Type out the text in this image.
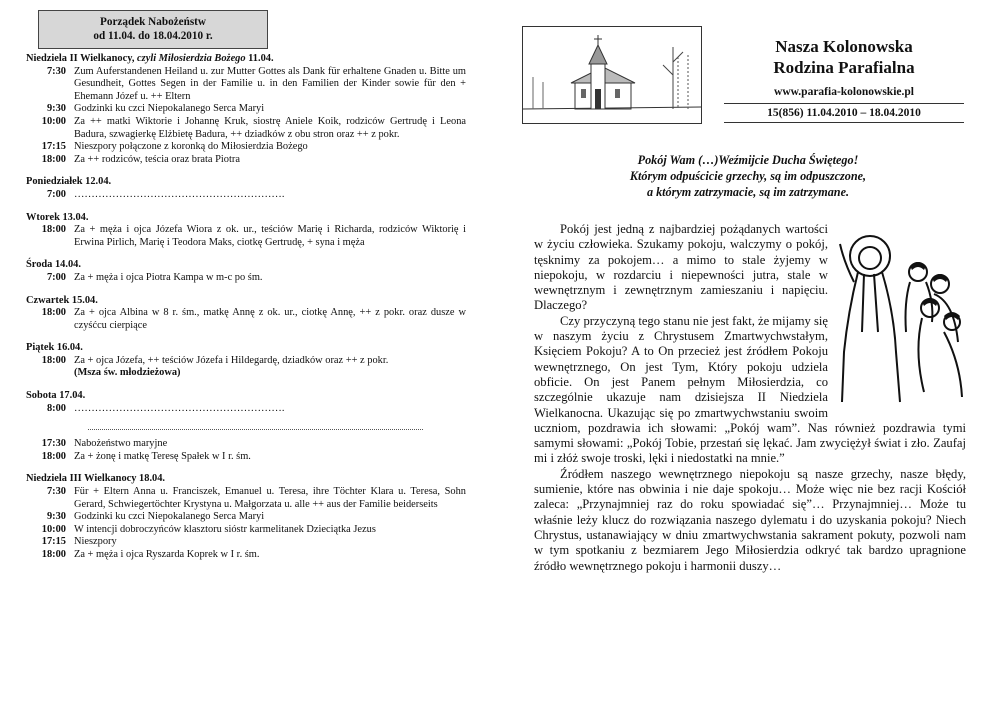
Porządek Nabożeństw
od 11.04. do 18.04.2010 r.
Niedziela II Wielkanocy, czyli Miłosierdzia Bożego 11.04.
7:30 Zum Auferstandenen Heiland u. zur Mutter Gottes als Dank für erhaltene Gnaden u. Bitte um Gesundheit, Gottes Segen in der Familie u. in den Familien der Kinder sowie für den + Ehemann Józef u. ++ Eltern
9:30 Godzinki ku czci Niepokalanego Serca Maryi
10:00 Za ++ matki Wiktorie i Johannę Kruk, siostrę Aniele Koik, rodziców Gertrudę i Leona Badura, szwagierkę Elżbietę Badura, ++ dziadków z obu stron oraz ++ z pokr.
17:15 Nieszpory połączone z koronką do Miłosierdzia Bożego
18:00 Za ++ rodziców, teścia oraz brata Piotra
Poniedziałek 12.04.
7:00 …………………………………………………….
Wtorek 13.04.
18:00 Za + męża i ojca Józefa Wiora z ok. ur., teściów Marię i Richarda, rodziców Wiktorię i Erwina Pirlich, Marię i Teodora Maks, ciotkę Gertrudę, + syna i męża
Środa 14.04.
7:00 Za + męża i ojca Piotra Kampa w m-c po śm.
Czwartek 15.04.
18:00 Za + ojca Albina w 8 r. śm., matkę Annę z ok. ur., ciotkę Annę, ++ z pokr. oraz dusze w czyśćcu cierpiące
Piątek 16.04.
18:00 Za + ojca Józefa, ++ teściów Józefa i Hildegardę, dziadków oraz ++ z pokr.
(Msza św. młodzieżowa)
Sobota 17.04.
8:00 …………………………………………………….
17:30 Nabożeństwo maryjne
18:00 Za + żonę i matkę Teresę Spałek w I r. śm.
Niedziela III Wielkanocy 18.04.
7:30 Für + Eltern Anna u. Franciszek, Emanuel u. Teresa, ihre Töchter Klara u. Teresa, Sohn Gerard, Schwiegertöchter Krystyna u. Małgorzata u. alle ++ aus der Familie beiderseits
9:30 Godzinki ku czci Niepokalanego Serca Maryi
10:00 W intencji dobroczyńców klasztoru sióstr karmelitanek Dzieciątka Jezus
17:15 Nieszpory
18:00 Za + męża i ojca Ryszarda Koprek w I r. śm.
Nasza Kolonowska
Rodzina Parafialna
www.parafia-kolonowskie.pl
15(856) 11.04.2010 – 18.04.2010
Pokój Wam (…)Weźmijcie Ducha Świętego!
Którym odpuścicie grzechy, są im odpuszczone,
a którym zatrzymacie, są im zatrzymane.

Pokój jest jedną z najbardziej pożądanych wartości w życiu człowieka. Szukamy pokoju, walczymy o pokój, tęsknimy za pokojem… a mimo to stale żyjemy w niepokoju, w rozdarciu i niepewności jutra, stale w wewnętrznym i zewnętrznym zamieszaniu i napięciu. Dlaczego?

Czy przyczyną tego stanu nie jest fakt, że mijamy się w naszym życiu z Chrystusem Zmartwychwstałym, Księciem Pokoju? A to On przecież jest źródłem Pokoju wewnętrznego, On jest Tym, Który pokoju udziela obficie. On jest Panem pełnym Miłosierdzia, co szczególnie ukazuje nam dzisiejsza II Niedziela Wielkanocna. Ukazując się po zmartwychwstaniu swoim uczniom, pozdrawia ich słowami: „Pokój wam”. Nas również pozdrawia tymi samymi słowami: „Pokój Tobie, przestań się lękać. Jam zwyciężył świat i zło. Zaufaj mi i złóż swoje troski, lęki i niedostatki na mnie.”

Źródłem naszego wewnętrznego niepokoju są nasze grzechy, nasze błędy, sumienie, które nas obwinia i nie daje spokoju… Może więc nie bez racji Kościół zaleca: „Przynajmniej raz do roku spowiadać się”… Przynajmniej… Może tu właśnie leży klucz do rozwiązania naszego dylematu i do uzyskania pokoju? Niech Chrystus, ustanawiający w dniu zmartwychwstania sakrament pokuty, pozwoli nam w tym spotkaniu z bezmiarem Jego Miłosierdzia odkryć tak bardzo upragnione źródło wewnętrznego pokoju i harmonii duszy…
